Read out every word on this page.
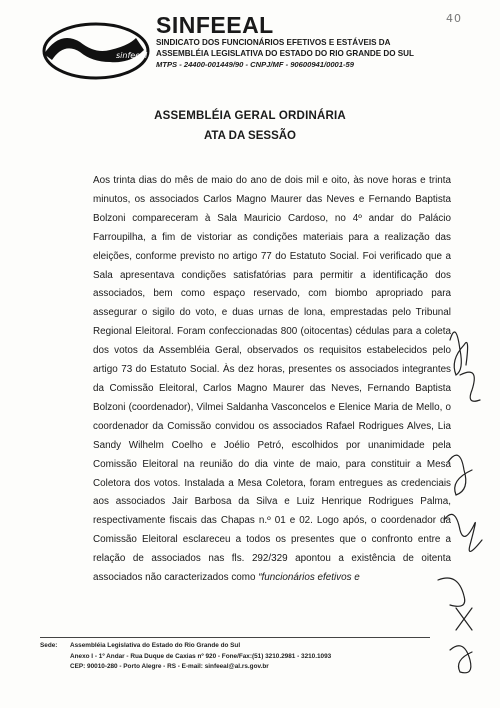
40
sinfeeal
SINFEEAL
SINDICATO DOS FUNCIONÁRIOS EFETIVOS E ESTÁVEIS DA
ASSEMBLÉIA LEGISLATIVA DO ESTADO DO RIO GRANDE DO SUL
MTPS - 24400-001449/90 - CNPJ/MF - 90600941/0001-59
ASSEMBLÉIA GERAL ORDINÁRIA
ATA DA SESSÃO
Aos trinta dias do mês de maio do ano de dois mil e oito, às nove horas e trinta minutos, os associados Carlos Magno Maurer das Neves e Fernando Baptista Bolzoni compareceram à Sala Mauricio Cardoso, no 4º andar do Palácio Farroupilha, a fim de vistoriar as condições materiais para a realização das eleições, conforme previsto no artigo 77 do Estatuto Social. Foi verificado que a Sala apresentava condições satisfatórias para permitir a identificação dos associados, bem como espaço reservado, com biombo apropriado para assegurar o sigilo do voto, e duas urnas de lona, emprestadas pelo Tribunal Regional Eleitoral. Foram confeccionadas 800 (oitocentas) cédulas para a coleta dos votos da Assembléia Geral, observados os requisitos estabelecidos pelo artigo 73 do Estatuto Social. Às dez horas, presentes os associados integrantes da Comissão Eleitoral, Carlos Magno Maurer das Neves, Fernando Baptista Bolzoni (coordenador), Vilmei Saldanha Vasconcelos e Elenice Maria de Mello, o coordenador da Comissão convidou os associados Rafael Rodrigues Alves, Lia Sandy Wilhelm Coelho e Joélio Petró, escolhidos por unanimidade pela Comissão Eleitoral na reunião do dia vinte de maio, para constituir a Mesa Coletora dos votos. Instalada a Mesa Coletora, foram entregues as credenciais aos associados Jair Barbosa da Silva e Luiz Henrique Rodrigues Palma, respectivamente fiscais das Chapas n.º 01 e 02. Logo após, o coordenador da Comissão Eleitoral esclareceu a todos os presentes que o confronto entre a relação de associados nas fls. 292/329 apontou a existência de oitenta associados não caracterizados como “funcionários efetivos e
Sede:	Assembléia Legislativa do Estado do Rio Grande do Sul
Anexo I - 1º Andar - Rua Duque de Caxias nº 920 - Fone/Fax:(51) 3210.2981 - 3210.1093
CEP: 90010-280 - Porto Alegre - RS - E-mail: sinfeeal@al.rs.gov.br
